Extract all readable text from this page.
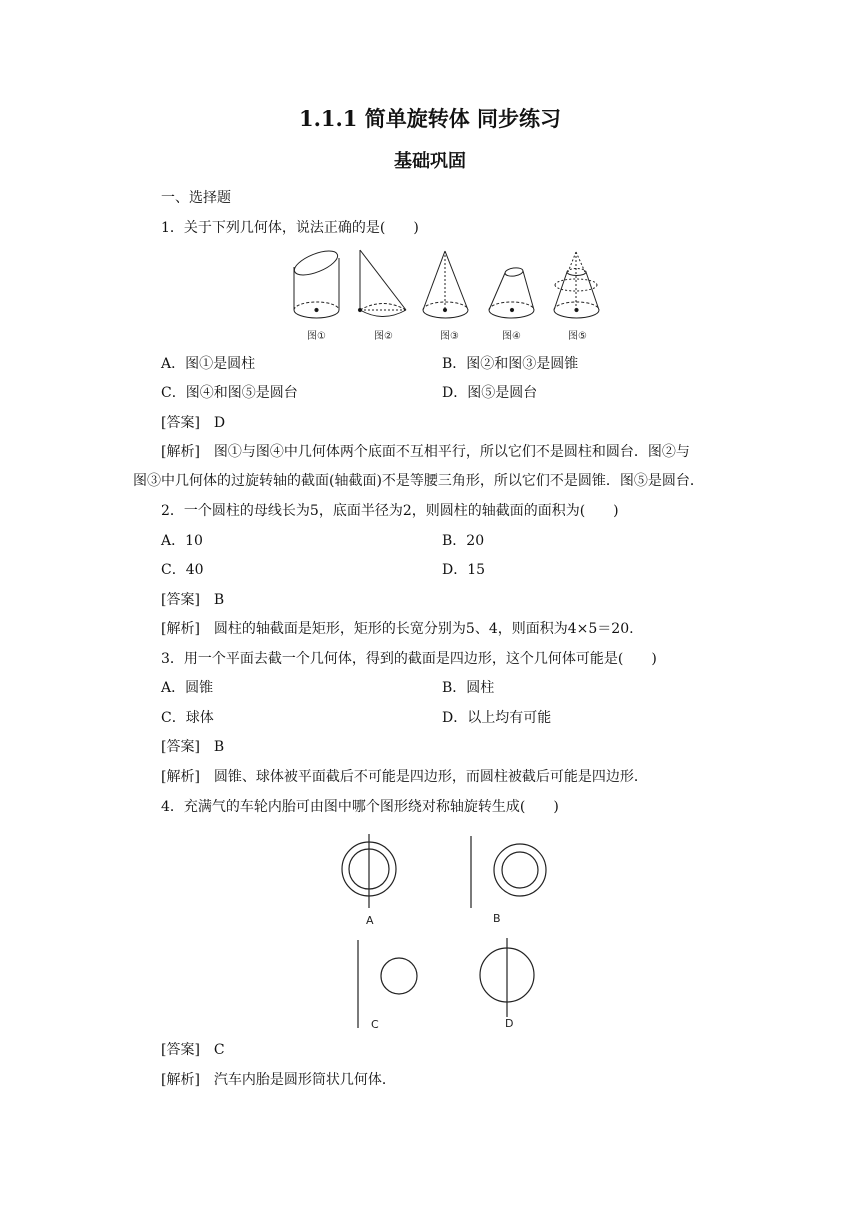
1.1.1 简单旋转体 同步练习
基础巩固
一、选择题
1．关于下列几何体，说法正确的是(　　)
图①	图②	图③	图④	图⑤
A．图①是圆柱	B．图②和图③是圆锥
C．图④和图⑤是圆台	D．图⑤是圆台
[答案]　D
[解析]　图①与图④中几何体两个底面不互相平行，所以它们不是圆柱和圆台．图②与
图③中几何体的过旋转轴的截面(轴截面)不是等腰三角形，所以它们不是圆锥．图⑤是圆台．
2．一个圆柱的母线长为5，底面半径为2，则圆柱的轴截面的面积为(　　)
A．10	B．20
C．40	D．15
[答案]　B
[解析]　圆柱的轴截面是矩形，矩形的长宽分别为5、4，则面积为4×5＝20.
3．用一个平面去截一个几何体，得到的截面是四边形，这个几何体可能是(　　)
A．圆锥	B．圆柱
C．球体	D．以上均有可能
[答案]　B
[解析]　圆锥、球体被平面截后不可能是四边形，而圆柱被截后可能是四边形．
4．充满气的车轮内胎可由图中哪个图形绕对称轴旋转生成(　　)
A	B
C	D
[答案]　C
[解析]　汽车内胎是圆形筒状几何体．
